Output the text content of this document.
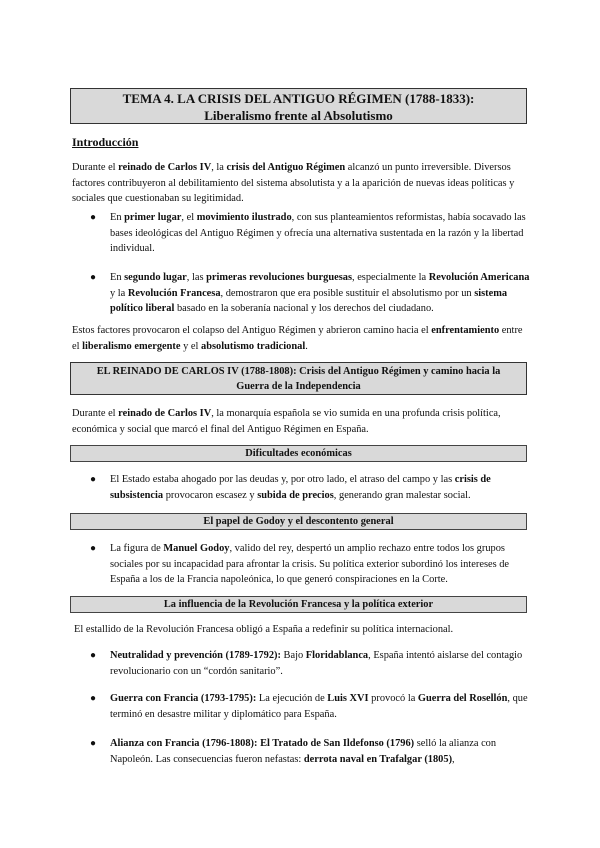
TEMA 4. LA CRISIS DEL ANTIGUO RÉGIMEN (1788-1833):
Liberalismo frente al Absolutismo
Introducción
Durante el reinado de Carlos IV, la crisis del Antiguo Régimen alcanzó un punto irreversible. Diversos factores contribuyeron al debilitamiento del sistema absolutista y a la aparición de nuevas ideas políticas y sociales que cuestionaban su legitimidad.
● En primer lugar, el movimiento ilustrado, con sus planteamientos reformistas, había socavado las bases ideológicas del Antiguo Régimen y ofrecía una alternativa sustentada en la razón y la libertad individual.
● En segundo lugar, las primeras revoluciones burguesas, especialmente la Revolución Americana y la Revolución Francesa, demostraron que era posible sustituir el absolutismo por un sistema político liberal basado en la soberanía nacional y los derechos del ciudadano.
Estos factores provocaron el colapso del Antiguo Régimen y abrieron camino hacia el enfrentamiento entre el liberalismo emergente y el absolutismo tradicional.
EL REINADO DE CARLOS IV (1788-1808): Crisis del Antiguo Régimen y camino hacia la
Guerra de la Independencia
Durante el reinado de Carlos IV, la monarquía española se vio sumida en una profunda crisis política, económica y social que marcó el final del Antiguo Régimen en España.
Dificultades económicas
● El Estado estaba ahogado por las deudas y, por otro lado, el atraso del campo y las crisis de subsistencia provocaron escasez y subida de precios, generando gran malestar social.
El papel de Godoy y el descontento general
● La figura de Manuel Godoy, valido del rey, despertó un amplio rechazo entre todos los grupos sociales por su incapacidad para afrontar la crisis. Su política exterior subordinó los intereses de España a los de la Francia napoleónica, lo que generó conspiraciones en la Corte.
La influencia de la Revolución Francesa y la política exterior
El estallido de la Revolución Francesa obligó a España a redefinir su política internacional.
● Neutralidad y prevención (1789-1792): Bajo Floridablanca, España intentó aislarse del contagio revolucionario con un “cordón sanitario”.
● Guerra con Francia (1793-1795): La ejecución de Luis XVI provocó la Guerra del Rosellón, que terminó en desastre militar y diplomático para España.
● Alianza con Francia (1796-1808): El Tratado de San Ildefonso (1796) selló la alianza con Napoleón. Las consecuencias fueron nefastas: derrota naval en Trafalgar (1805),
